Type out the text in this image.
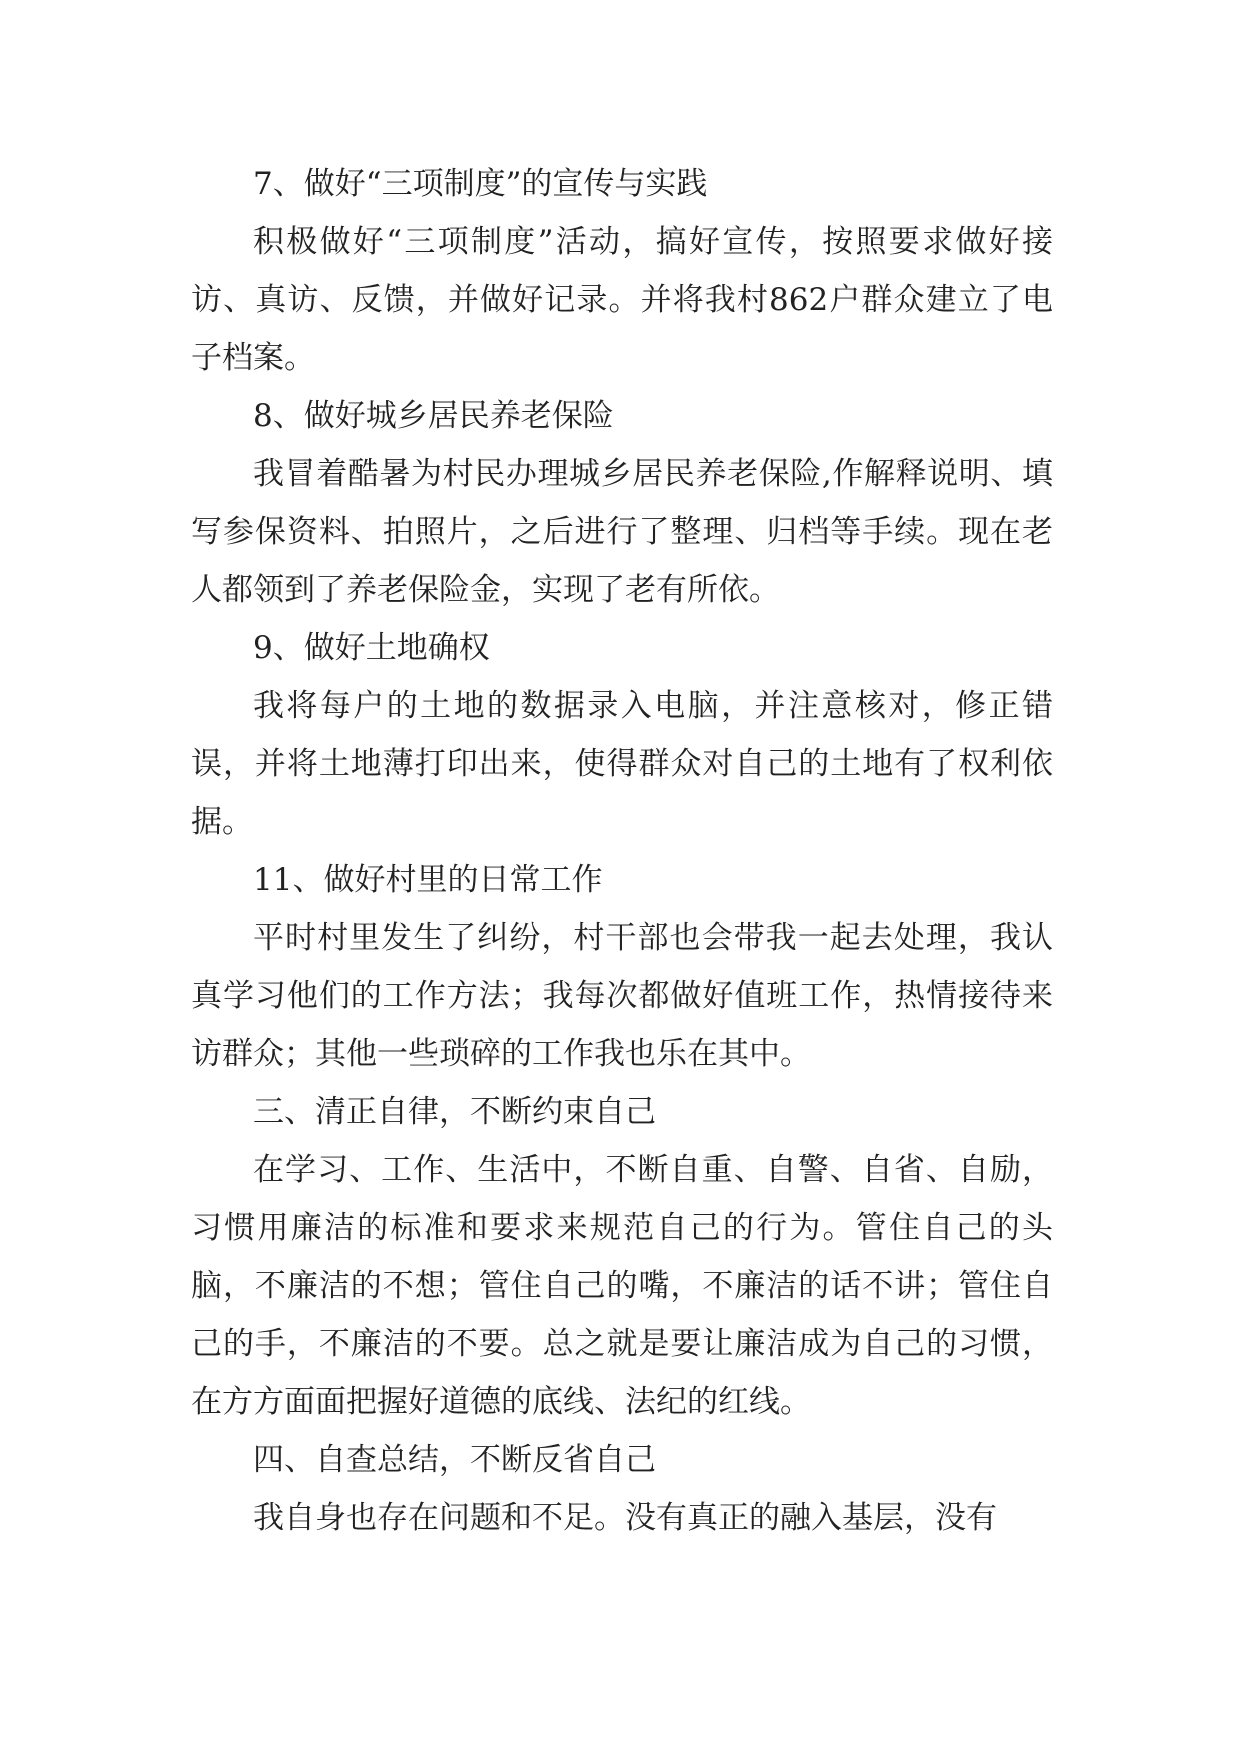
7、做好“三项制度”的宣传与实践

积极做好“三项制度”活动，搞好宣传，按照要求做好接访、真访、反馈，并做好记录。并将我村862户群众建立了电子档案。

8、做好城乡居民养老保险

我冒着酷暑为村民办理城乡居民养老保险,作解释说明、填写参保资料、拍照片，之后进行了整理、归档等手续。现在老人都领到了养老保险金，实现了老有所依。

9、做好土地确权

我将每户的土地的数据录入电脑，并注意核对，修正错误，并将土地薄打印出来，使得群众对自己的土地有了权利依据。

11、做好村里的日常工作

平时村里发生了纠纷，村干部也会带我一起去处理，我认真学习他们的工作方法；我每次都做好值班工作，热情接待来访群众；其他一些琐碎的工作我也乐在其中。

三、清正自律，不断约束自己

在学习、工作、生活中，不断自重、自警、自省、自励，习惯用廉洁的标准和要求来规范自己的行为。管住自己的头脑，不廉洁的不想；管住自己的嘴，不廉洁的话不讲；管住自己的手，不廉洁的不要。总之就是要让廉洁成为自己的习惯，在方方面面把握好道德的底线、法纪的红线。

四、自查总结，不断反省自己

我自身也存在问题和不足。没有真正的融入基层，没有
